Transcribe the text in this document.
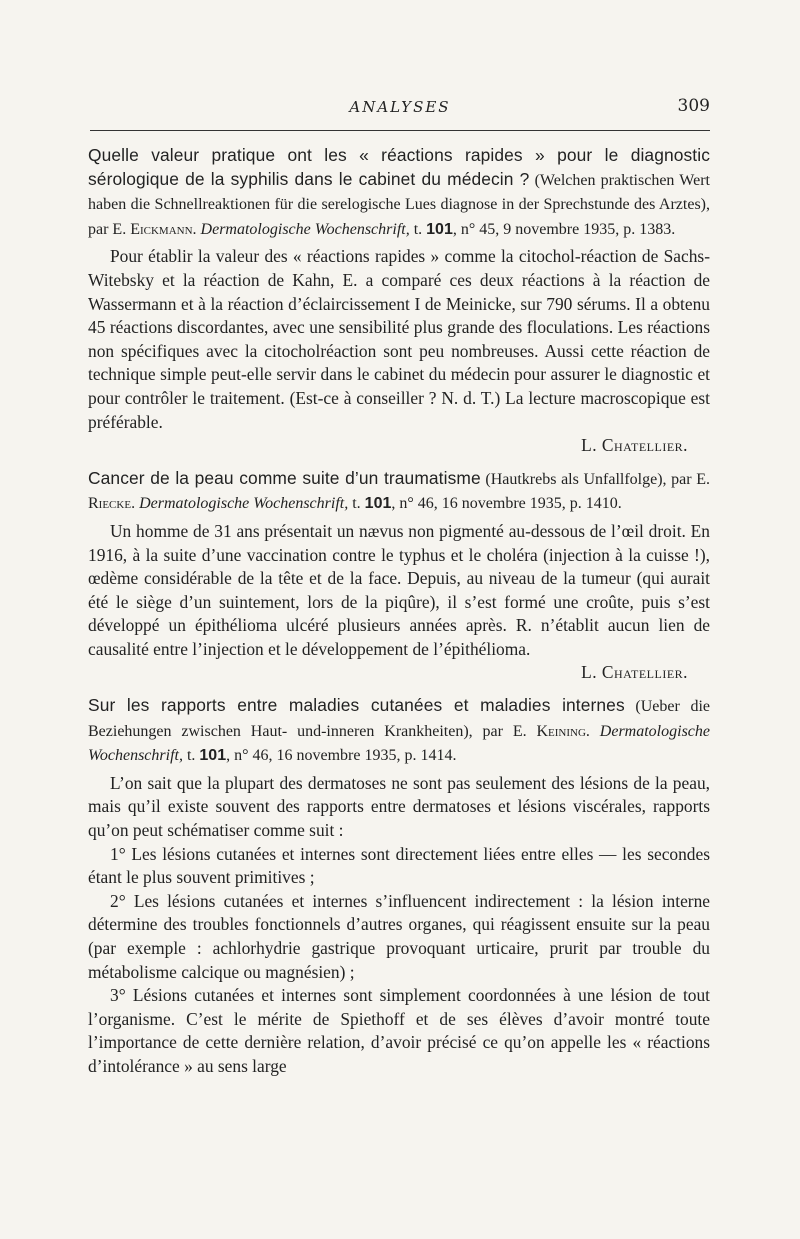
ANALYSES	309

Quelle valeur pratique ont les « réactions rapides » pour le diagnostic sérologique de la syphilis dans le cabinet du médecin ? (Welchen praktischen Wert haben die Schnellreaktionen für die serelogische Lues diagnose in der Sprechstunde des Arztes), par E. Eickmann. Dermatologische Wochenschrift, t. 101, n° 45, 9 novembre 1935, p. 1383.

Pour établir la valeur des « réactions rapides » comme la citochol-réaction de Sachs-Witebsky et la réaction de Kahn, E. a comparé ces deux réactions à la réaction de Wassermann et à la réaction d’éclaircissement I de Meinicke, sur 790 sérums. Il a obtenu 45 réactions discordantes, avec une sensibilité plus grande des floculations. Les réactions non spécifiques avec la citocholréaction sont peu nombreuses. Aussi cette réaction de technique simple peut-elle servir dans le cabinet du médecin pour assurer le diagnostic et pour contrôler le traitement. (Est-ce à conseiller ? N. d. T.) La lecture macroscopique est préférable.

L. Chatellier.

Cancer de la peau comme suite d’un traumatisme (Hautkrebs als Unfallfolge), par E. Riecke. Dermatologische Wochenschrift, t. 101, n° 46, 16 novembre 1935, p. 1410.

Un homme de 31 ans présentait un nævus non pigmenté au-dessous de l’œil droit. En 1916, à la suite d’une vaccination contre le typhus et le choléra (injection à la cuisse !), œdème considérable de la tête et de la face. Depuis, au niveau de la tumeur (qui aurait été le siège d’un suintement, lors de la piqûre), il s’est formé une croûte, puis s’est développé un épithélioma ulcéré plusieurs années après. R. n’établit aucun lien de causalité entre l’injection et le développement de l’épithélioma.

L. Chatellier.

Sur les rapports entre maladies cutanées et maladies internes (Ueber die Beziehungen zwischen Haut- und-inneren Krankheiten), par E. Keining. Dermatologische Wochenschrift, t. 101, n° 46, 16 novembre 1935, p. 1414.

L’on sait que la plupart des dermatoses ne sont pas seulement des lésions de la peau, mais qu’il existe souvent des rapports entre dermatoses et lésions viscérales, rapports qu’on peut schématiser comme suit :

1° Les lésions cutanées et internes sont directement liées entre elles — les secondes étant le plus souvent primitives ;

2° Les lésions cutanées et internes s’influencent indirectement : la lésion interne détermine des troubles fonctionnels d’autres organes, qui réagissent ensuite sur la peau (par exemple : achlorhydrie gastrique provoquant urticaire, prurit par trouble du métabolisme calcique ou magnésien) ;

3° Lésions cutanées et internes sont simplement coordonnées à une lésion de tout l’organisme. C’est le mérite de Spiethoff et de ses élèves d’avoir montré toute l’importance de cette dernière relation, d’avoir précisé ce qu’on appelle les « réactions d’intolérance » au sens large
